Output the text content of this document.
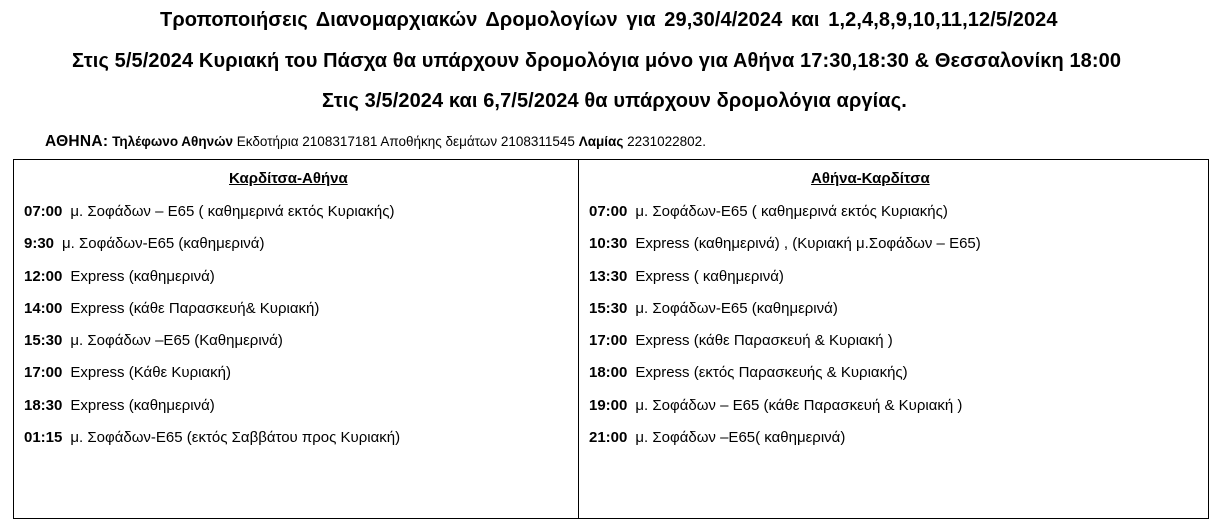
Τροποποιήσεις Διανομαρχιακών Δρομολογίων για 29,30/4/2024 και 1,2,4,8,9,10,11,12/5/2024
Στις 5/5/2024 Κυριακή του Πάσχα θα υπάρχουν δρομολόγια μόνο για Αθήνα 17:30,18:30 & Θεσσαλονίκη 18:00
Στις 3/5/2024 και 6,7/5/2024 θα υπάρχουν δρομολόγια αργίας.
ΑΘΗΝΑ: Τηλέφωνο Αθηνών Εκδοτήρια 2108317181 Αποθήκης δεμάτων 2108311545 Λαμίας 2231022802.
Καρδίτσα-Αθήνα
07:00 μ. Σοφάδων – Ε65 ( καθημερινά εκτός Κυριακής)
9:30 μ. Σοφάδων-Ε65 (καθημερινά)
12:00 Express (καθημερινά)
14:00 Express (κάθε Παρασκευή& Κυριακή)
15:30 μ. Σοφάδων –Ε65 (Καθημερινά)
17:00 Express (Κάθε Κυριακή)
18:30 Express (καθημερινά)
01:15 μ. Σοφάδων-Ε65 (εκτός Σαββάτου προς Κυριακή)
Αθήνα-Καρδίτσα
07:00 μ. Σοφάδων-Ε65 ( καθημερινά εκτός Κυριακής)
10:30 Express (καθημερινά) , (Κυριακή μ.Σοφάδων – Ε65)
13:30 Express ( καθημερινά)
15:30 μ. Σοφάδων-Ε65 (καθημερινά)
17:00 Express (κάθε Παρασκευή & Κυριακή )
18:00 Express (εκτός Παρασκευής & Κυριακής)
19:00 μ. Σοφάδων – Ε65 (κάθε Παρασκευή & Κυριακή )
21:00 μ. Σοφάδων –Ε65( καθημερινά)
